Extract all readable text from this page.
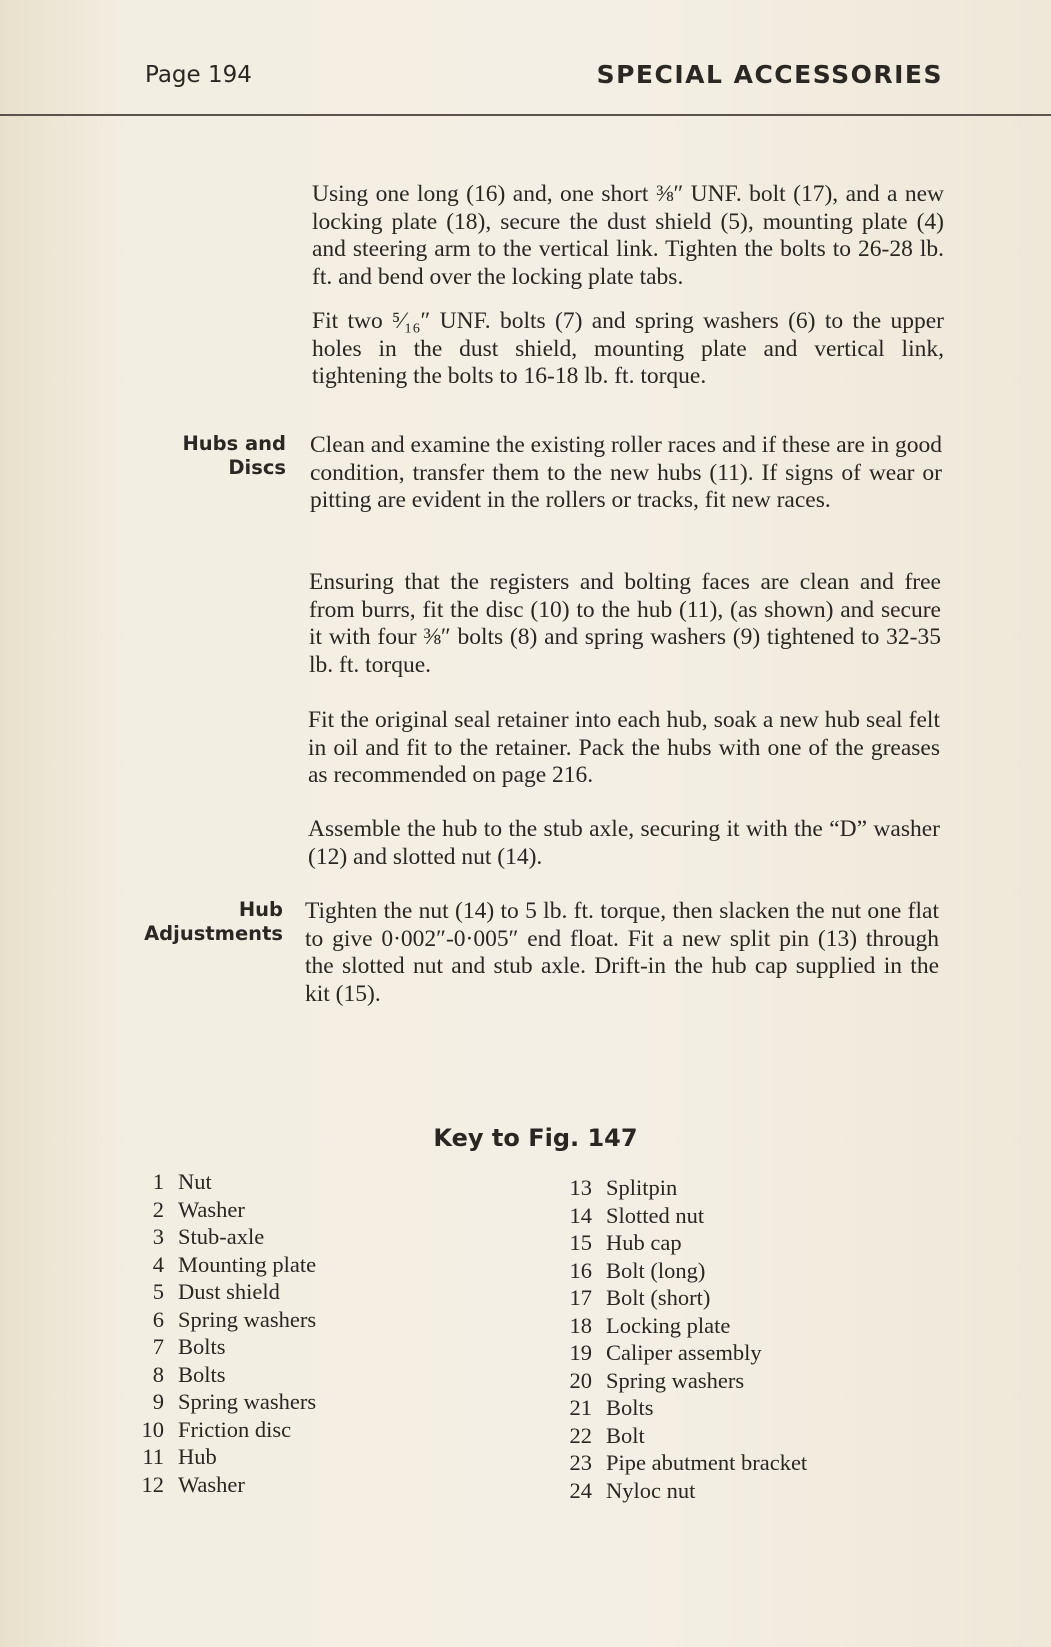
Page 194	SPECIAL ACCESSORIES

Using one long (16) and, one short ⅜″ UNF. bolt (17), and a new locking plate (18), secure the dust shield (5), mounting plate (4) and steering arm to the vertical link. Tighten the bolts to 26-28 lb. ft. and bend over the locking plate tabs.

Fit two ⁵⁄₁₆″ UNF. bolts (7) and spring washers (6) to the upper holes in the dust shield, mounting plate and vertical link, tightening the bolts to 16-18 lb. ft. torque.

Hubs and
Discs

Clean and examine the existing roller races and if these are in good condition, transfer them to the new hubs (11). If signs of wear or pitting are evident in the rollers or tracks, fit new races.

Ensuring that the registers and bolting faces are clean and free from burrs, fit the disc (10) to the hub (11), (as shown) and secure it with four ⅜″ bolts (8) and spring washers (9) tightened to 32-35 lb. ft. torque.

Fit the original seal retainer into each hub, soak a new hub seal felt in oil and fit to the retainer. Pack the hubs with one of the greases as recommended on page 216.

Assemble the hub to the stub axle, securing it with the “D” washer (12) and slotted nut (14).

Hub
Adjustments

Tighten the nut (14) to 5 lb. ft. torque, then slacken the nut one flat to give 0·002″-0·005″ end float. Fit a new split pin (13) through the slotted nut and stub axle. Drift-in the hub cap supplied in the kit (15).

Key to Fig. 147
1 Nut
2 Washer
3 Stub-axle
4 Mounting plate
5 Dust shield
6 Spring washers
7 Bolts
8 Bolts
9 Spring washers
10 Friction disc
11 Hub
12 Washer
13 Splitpin
14 Slotted nut
15 Hub cap
16 Bolt (long)
17 Bolt (short)
18 Locking plate
19 Caliper assembly
20 Spring washers
21 Bolts
22 Bolt
23 Pipe abutment bracket
24 Nyloc nut
